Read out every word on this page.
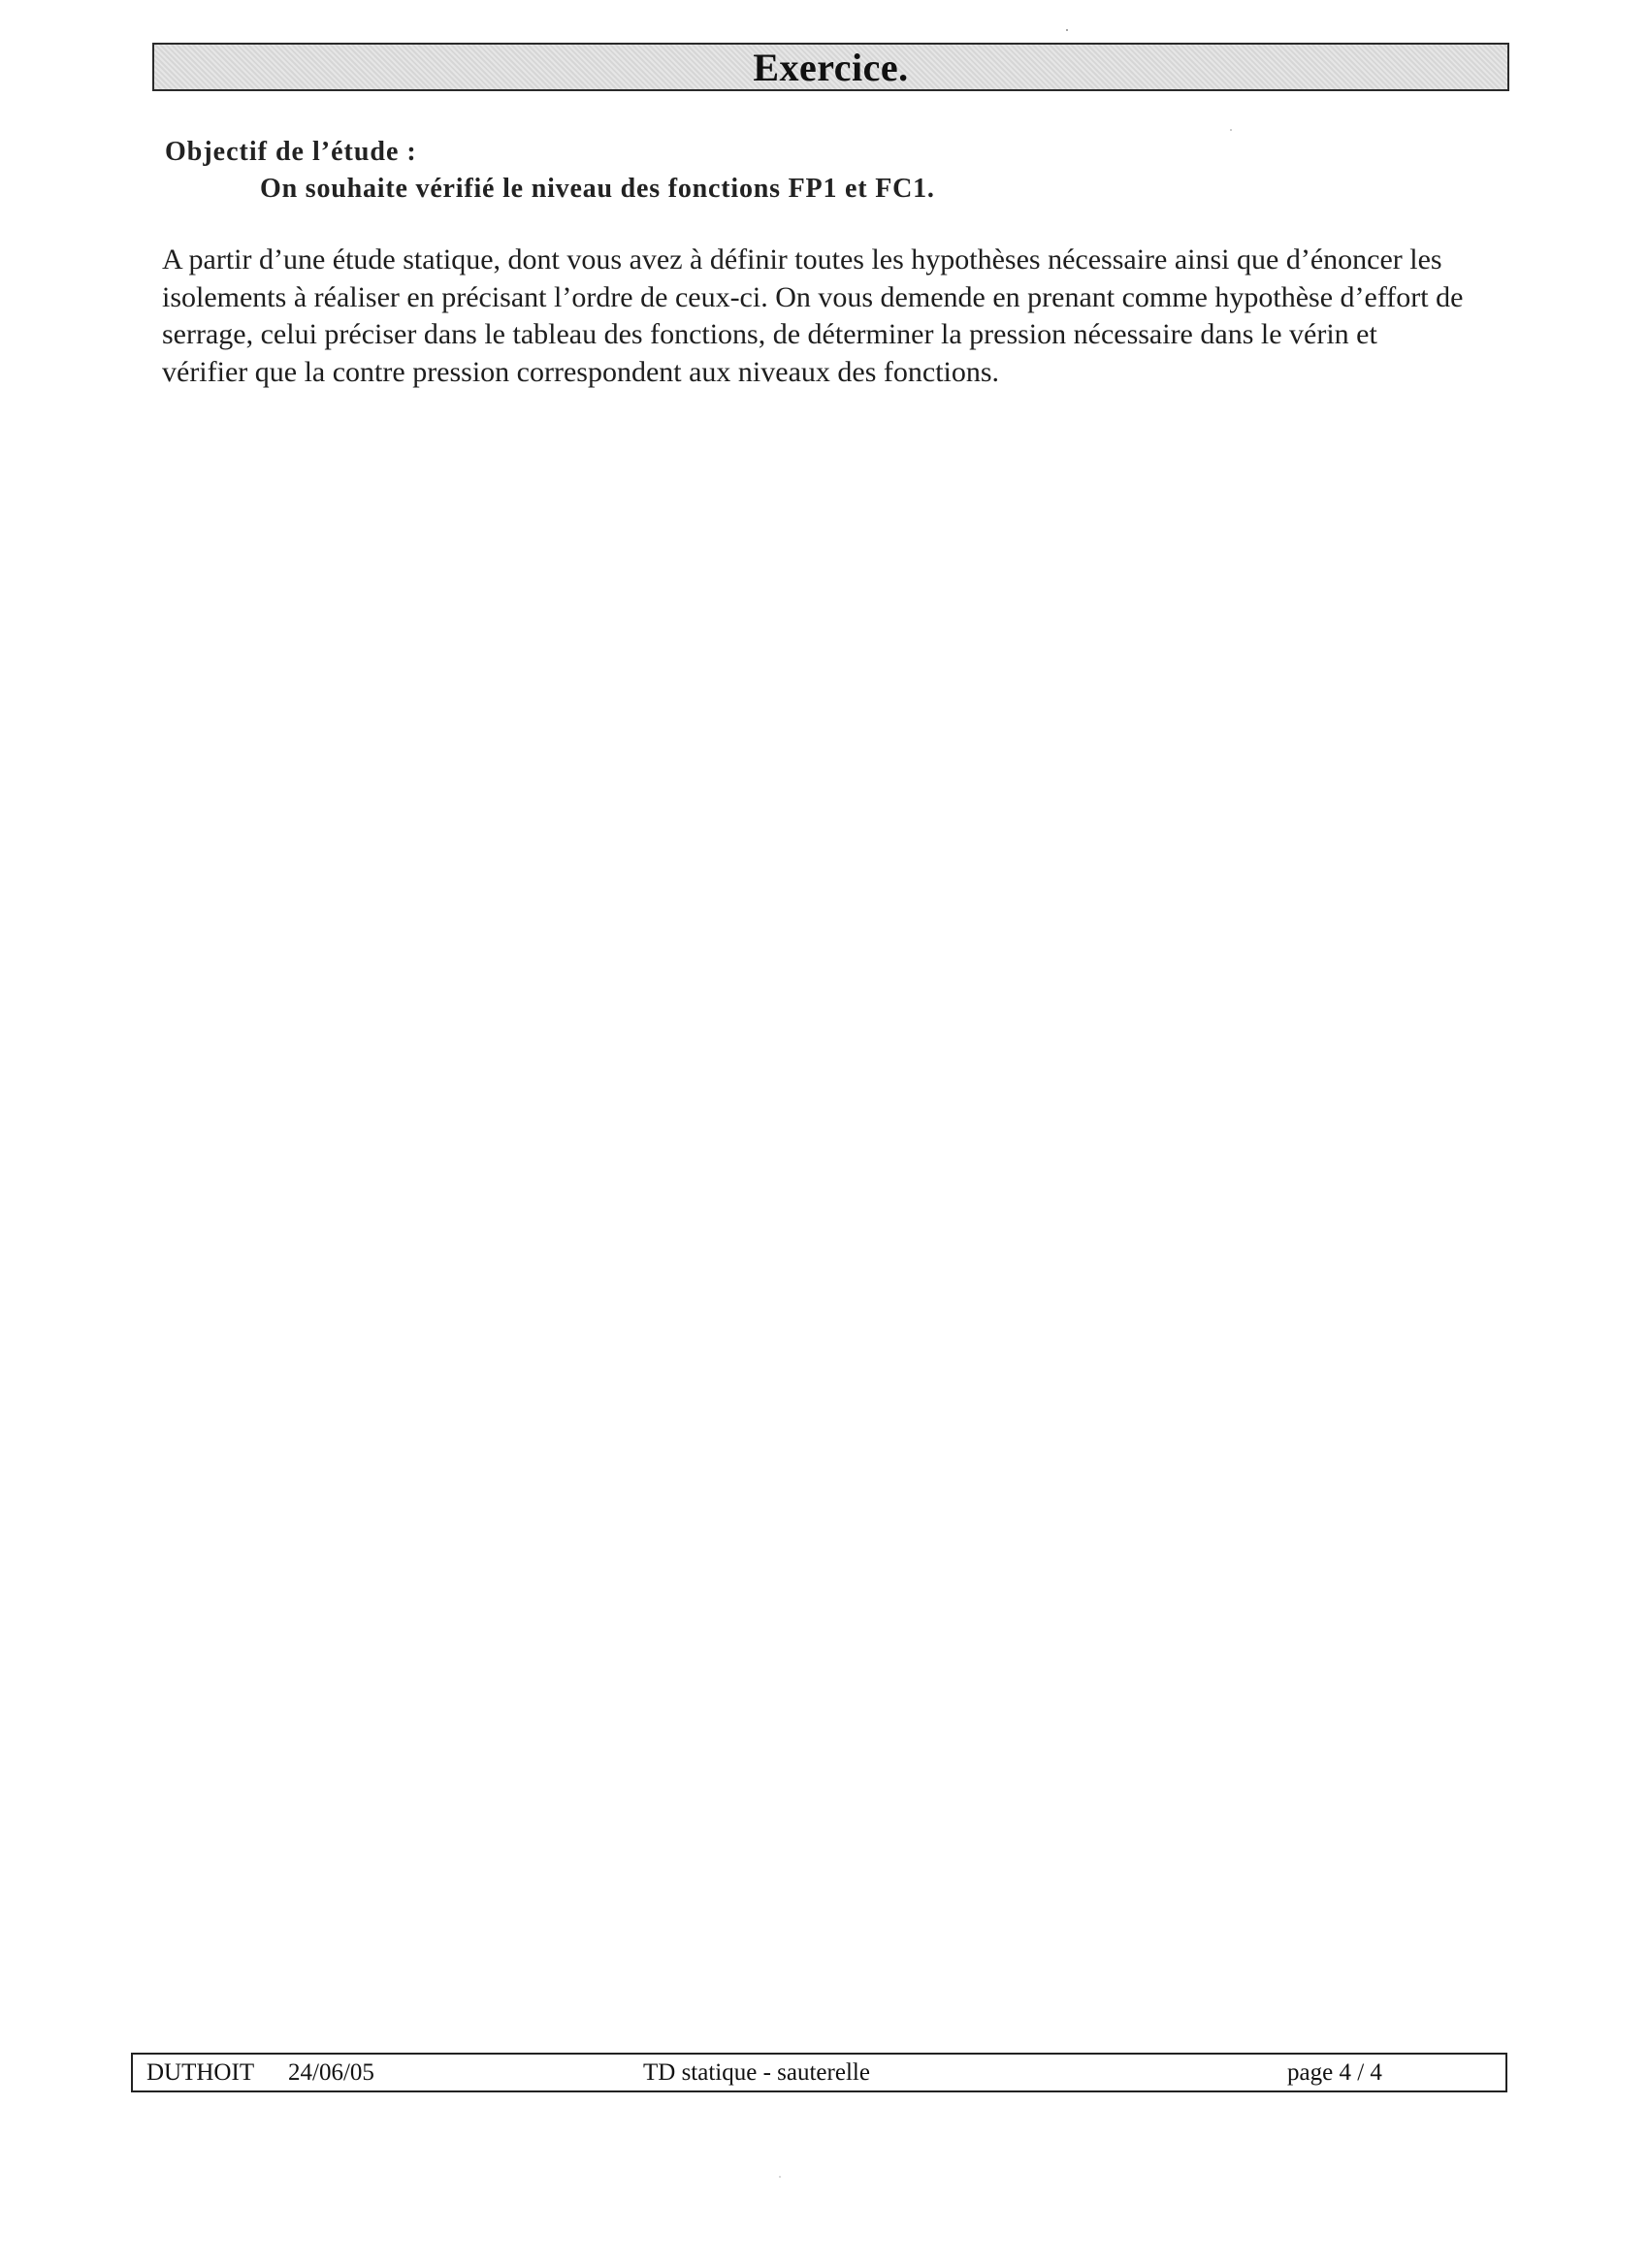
Exercice.
Objectif de l’étude :
On souhaite vérifié le niveau des fonctions FP1 et FC1.
A partir d’une étude statique, dont vous avez à définir toutes les hypothèses nécessaire ainsi que d’énoncer les isolements à réaliser en précisant l’ordre de ceux-ci. On vous demende en prenant comme hypothèse d’effort de serrage, celui préciser dans le tableau des fonctions, de déterminer la pression nécessaire dans le vérin et vérifier que la contre pression correspondent aux niveaux des fonctions.
DUTHOIT 24/06/05	TD statique - sauterelle	page 4 / 4
